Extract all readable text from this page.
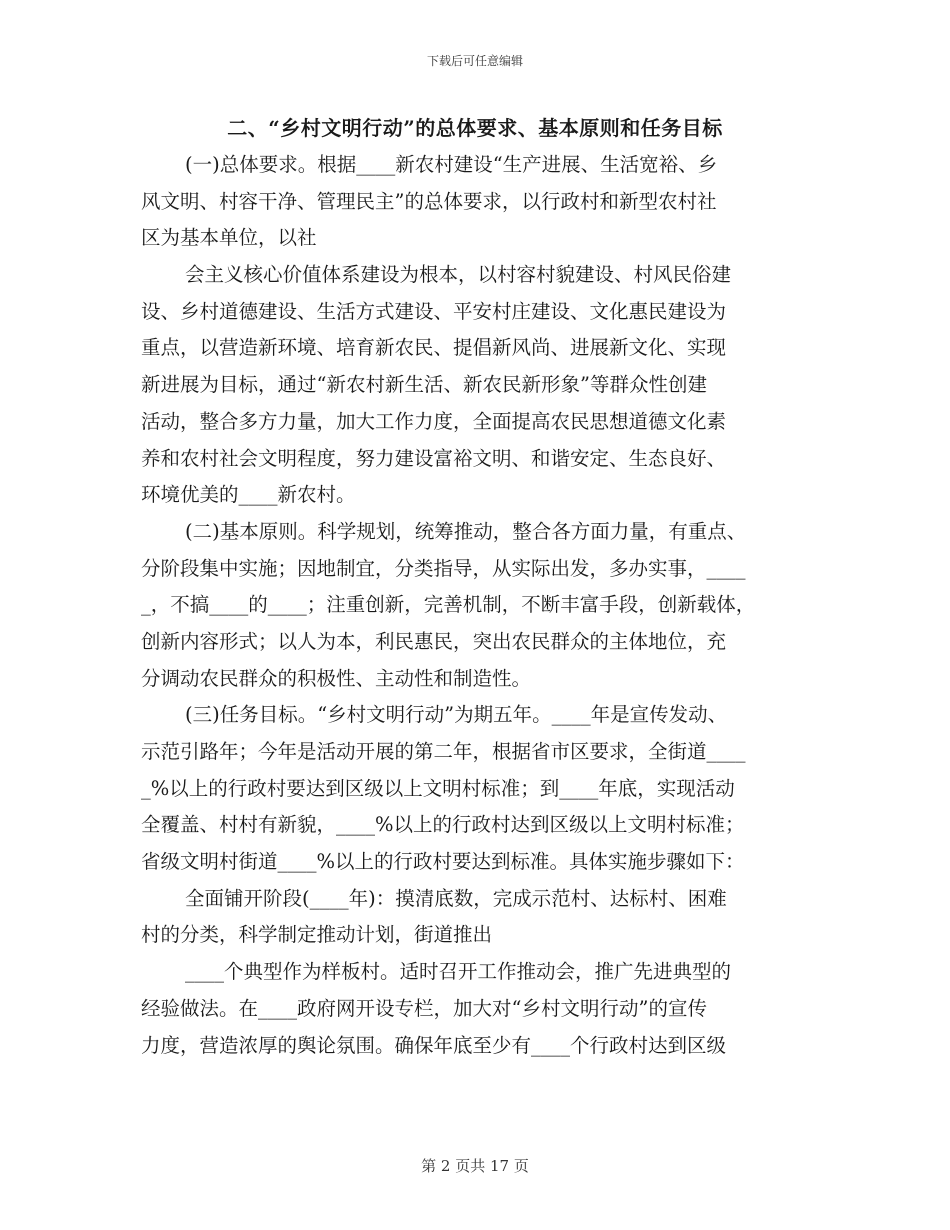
下载后可任意编辑
二、“乡村文明行动”的总体要求、基本原则和任务目标
(一)总体要求。根据____新农村建设“生产进展、生活宽裕、乡
风文明、村容干净、管理民主”的总体要求，以行政村和新型农村社
区为基本单位，以社
会主义核心价值体系建设为根本，以村容村貌建设、村风民俗建
设、乡村道德建设、生活方式建设、平安村庄建设、文化惠民建设为
重点，以营造新环境、培育新农民、提倡新风尚、进展新文化、实现
新进展为目标，通过“新农村新生活、新农民新形象”等群众性创建
活动，整合多方力量，加大工作力度，全面提高农民思想道德文化素
养和农村社会文明程度，努力建设富裕文明、和谐安定、生态良好、
环境优美的____新农村。
(二)基本原则。科学规划，统筹推动，整合各方面力量，有重点、
分阶段集中实施；因地制宜，分类指导，从实际出发，多办实事，____
_，不搞____的____；注重创新，完善机制，不断丰富手段，创新载体，
创新内容形式；以人为本，利民惠民，突出农民群众的主体地位，充
分调动农民群众的积极性、主动性和制造性。
(三)任务目标。“乡村文明行动”为期五年。____年是宣传发动、
示范引路年；今年是活动开展的第二年，根据省市区要求，全街道____
_%以上的行政村要达到区级以上文明村标准；到____年底，实现活动
全覆盖、村村有新貌，____%以上的行政村达到区级以上文明村标准；
省级文明村街道____%以上的行政村要达到标准。具体实施步骤如下：
全面铺开阶段(____年)：摸清底数，完成示范村、达标村、困难
村的分类，科学制定推动计划，街道推出
____个典型作为样板村。适时召开工作推动会，推广先进典型的
经验做法。在____政府网开设专栏，加大对“乡村文明行动”的宣传
力度，营造浓厚的舆论氛围。确保年底至少有____个行政村达到区级
第 2 页共 17 页
